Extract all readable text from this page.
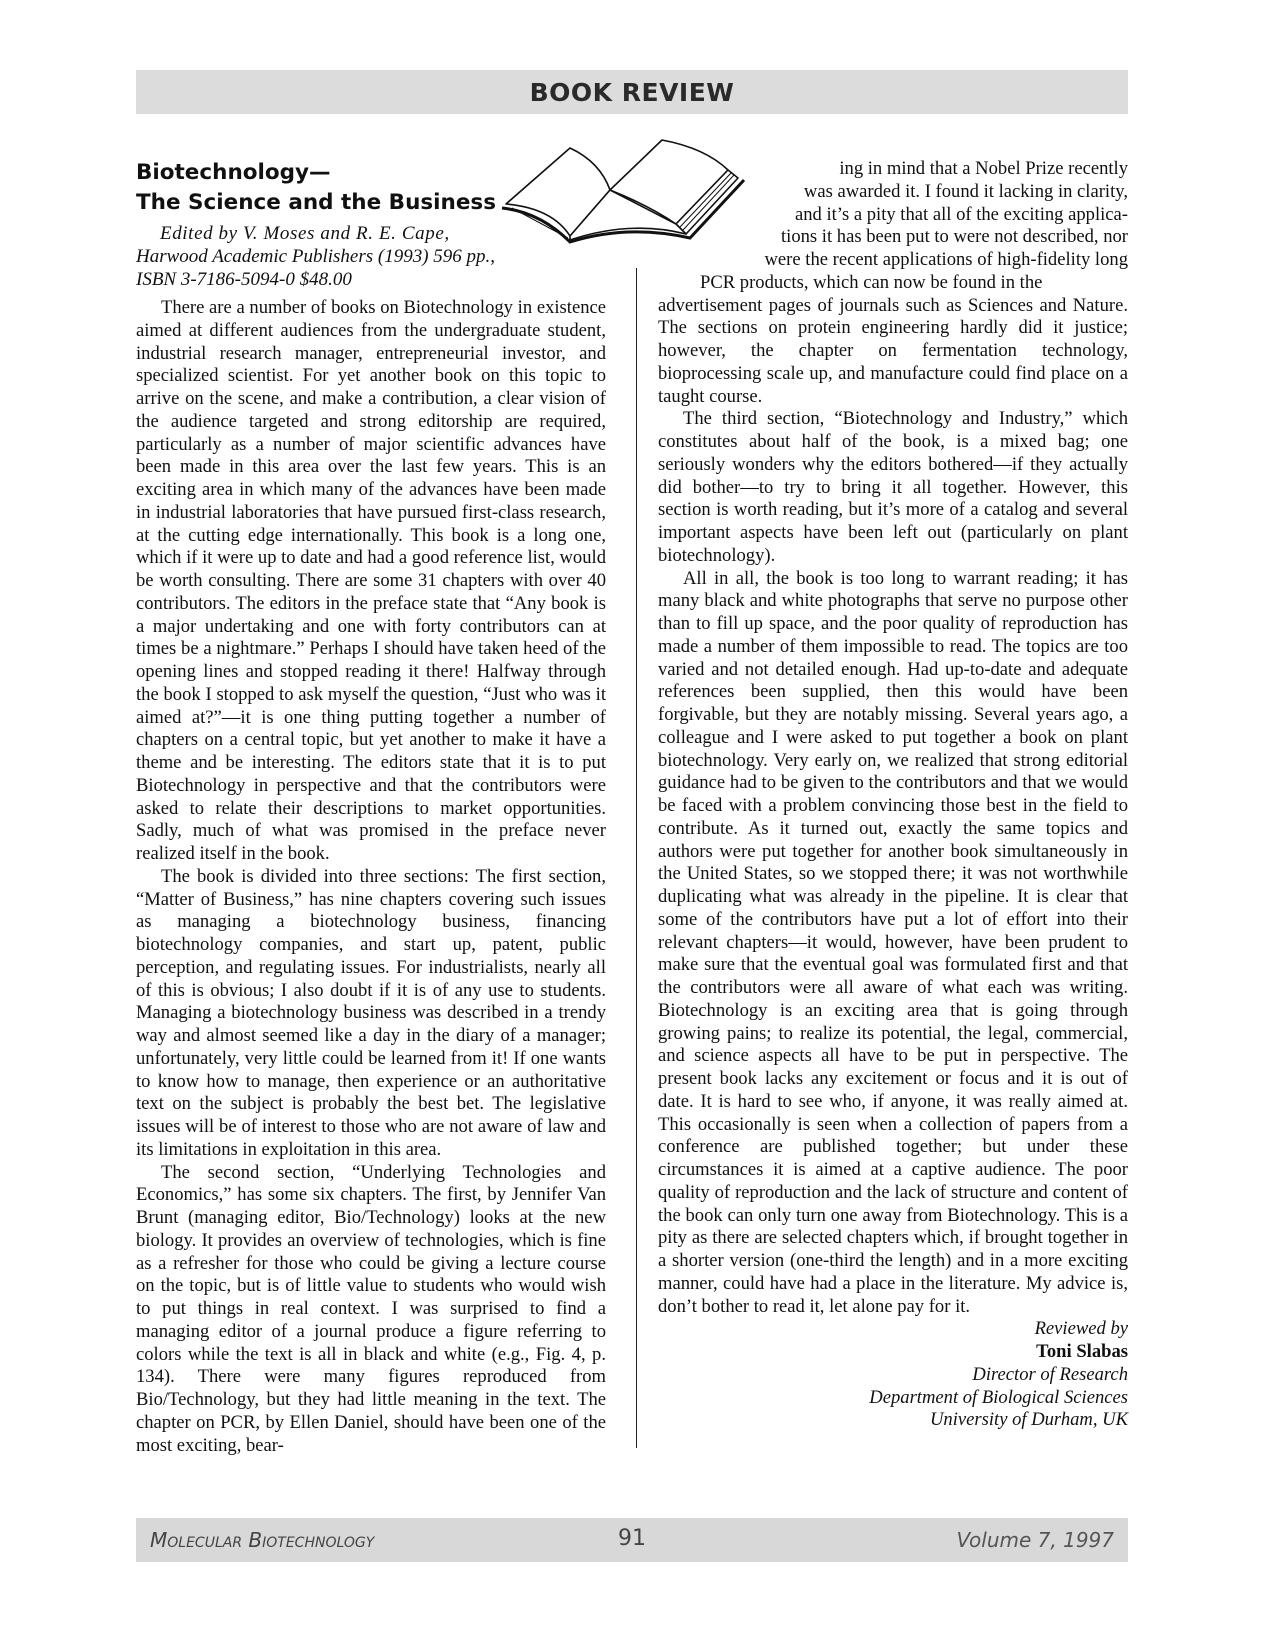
BOOK REVIEW
Biotechnology—
The Science and the Business
Edited by V. Moses and R. E. Cape,
Harwood Academic Publishers (1993) 596 pp.,
ISBN 3-7186-5094-0 $48.00

There are a number of books on Biotechnology in existence aimed at different audiences from the undergraduate student, industrial research manager, entrepreneurial investor, and specialized scientist. For yet another book on this topic to arrive on the scene, and make a contribution, a clear vision of the audience targeted and strong editorship are required, particularly as a number of major scientific advances have been made in this area over the last few years. This is an exciting area in which many of the advances have been made in industrial laboratories that have pursued first-class research, at the cutting edge internationally. This book is a long one, which if it were up to date and had a good reference list, would be worth consulting. There are some 31 chapters with over 40 contributors. The editors in the preface state that “Any book is a major undertaking and one with forty contributors can at times be a nightmare.” Perhaps I should have taken heed of the opening lines and stopped reading it there! Halfway through the book I stopped to ask myself the question, “Just who was it aimed at?”—it is one thing putting together a number of chapters on a central topic, but yet another to make it have a theme and be interesting. The editors state that it is to put Biotechnology in perspective and that the contributors were asked to relate their descriptions to market opportunities. Sadly, much of what was promised in the preface never realized itself in the book.

The book is divided into three sections: The first section, “Matter of Business,” has nine chapters covering such issues as managing a biotechnology business, financing biotechnology companies, and start up, patent, public perception, and regulating issues. For industrialists, nearly all of this is obvious; I also doubt if it is of any use to students. Managing a biotechnology business was described in a trendy way and almost seemed like a day in the diary of a manager; unfortunately, very little could be learned from it! If one wants to know how to manage, then experience or an authoritative text on the subject is probably the best bet. The legislative issues will be of interest to those who are not aware of law and its limitations in exploitation in this area.

The second section, “Underlying Technologies and Economics,” has some six chapters. The first, by Jennifer Van Brunt (managing editor, Bio/Technology) looks at the new biology. It provides an overview of technologies, which is fine as a refresher for those who could be giving a lecture course on the topic, but is of little value to students who would wish to put things in real context. I was surprised to find a managing editor of a journal produce a figure referring to colors while the text is all in black and white (e.g., Fig. 4, p. 134). There were many figures reproduced from Bio/Technology, but they had little meaning in the text. The chapter on PCR, by Ellen Daniel, should have been one of the most exciting, bear-

ing in mind that a Nobel Prize recently
was awarded it. I found it lacking in clarity,
and it’s a pity that all of the exciting applica-
tions it has been put to were not described, nor
were the recent applications of high-fidelity long
PCR products, which can now be found in the

advertisement pages of journals such as Sciences and Nature. The sections on protein engineering hardly did it justice; however, the chapter on fermentation technology, bioprocessing scale up, and manufacture could find place on a taught course.

The third section, “Biotechnology and Industry,” which constitutes about half of the book, is a mixed bag; one seriously wonders why the editors bothered—if they actually did bother—to try to bring it all together. However, this section is worth reading, but it’s more of a catalog and several important aspects have been left out (particularly on plant biotechnology).

All in all, the book is too long to warrant reading; it has many black and white photographs that serve no purpose other than to fill up space, and the poor quality of reproduction has made a number of them impossible to read. The topics are too varied and not detailed enough. Had up-to-date and adequate references been supplied, then this would have been forgivable, but they are notably missing. Several years ago, a colleague and I were asked to put together a book on plant biotechnology. Very early on, we realized that strong editorial guidance had to be given to the contributors and that we would be faced with a problem convincing those best in the field to contribute. As it turned out, exactly the same topics and authors were put together for another book simultaneously in the United States, so we stopped there; it was not worthwhile duplicating what was already in the pipeline. It is clear that some of the contributors have put a lot of effort into their relevant chapters—it would, however, have been prudent to make sure that the eventual goal was formulated first and that the contributors were all aware of what each was writing. Biotechnology is an exciting area that is going through growing pains; to realize its potential, the legal, commercial, and science aspects all have to be put in perspective. The present book lacks any excitement or focus and it is out of date. It is hard to see who, if anyone, it was really aimed at. This occasionally is seen when a collection of papers from a conference are published together; but under these circumstances it is aimed at a captive audience. The poor quality of reproduction and the lack of structure and content of the book can only turn one away from Biotechnology. This is a pity as there are selected chapters which, if brought together in a shorter version (one-third the length) and in a more exciting manner, could have had a place in the literature. My advice is, don’t bother to read it, let alone pay for it.

Reviewed by
Toni Slabas
Director of Research
Department of Biological Sciences
University of Durham, UK
Molecular Biotechnology	91	Volume 7, 1997
